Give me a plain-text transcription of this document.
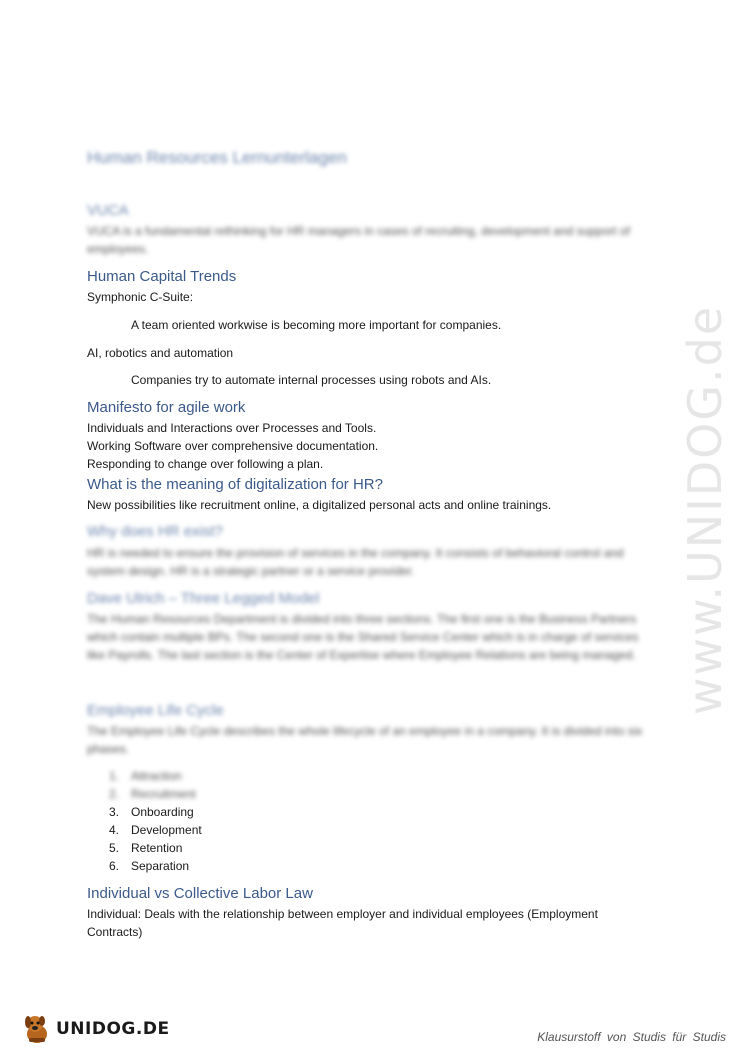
www.UNIDOG.de
Human Resources Lernunterlagen
VUCA
VUCA is a fundamental rethinking for HR managers in cases of recruiting, development and support of employees.
Human Capital Trends
Symphonic C-Suite:
A team oriented workwise is becoming more important for companies.
AI, robotics and automation
Companies try to automate internal processes using robots and AIs.
Manifesto for agile work
Individuals and Interactions over Processes and Tools.
Working Software over comprehensive documentation.
Responding to change over following a plan.
What is the meaning of digitalization for HR?
New possibilities like recruitment online, a digitalized personal acts and online trainings.
Why does HR exist?
HR is needed to ensure the provision of services in the company. It consists of behavioral control and system design. HR is a strategic partner or a service provider.
Dave Ulrich – Three Legged Model
The Human Resources Department is divided into three sections. The first one is the Business Partners which contain multiple BPs. The second one is the Shared Service Center which is in charge of services like Payrolls. The last section is the Center of Expertise where Employee Relations are being managed.
Employee Life Cycle
The Employee Life Cycle describes the whole lifecycle of an employee in a company. It is divided into six phases.
1. Attraction
2. Recruitment
3. Onboarding
4. Development
5. Retention
6. Separation
Individual vs Collective Labor Law
Individual: Deals with the relationship between employer and individual employees (Employment Contracts)
UNIDOG.DE	Klausurstoff von Studis für Studis
